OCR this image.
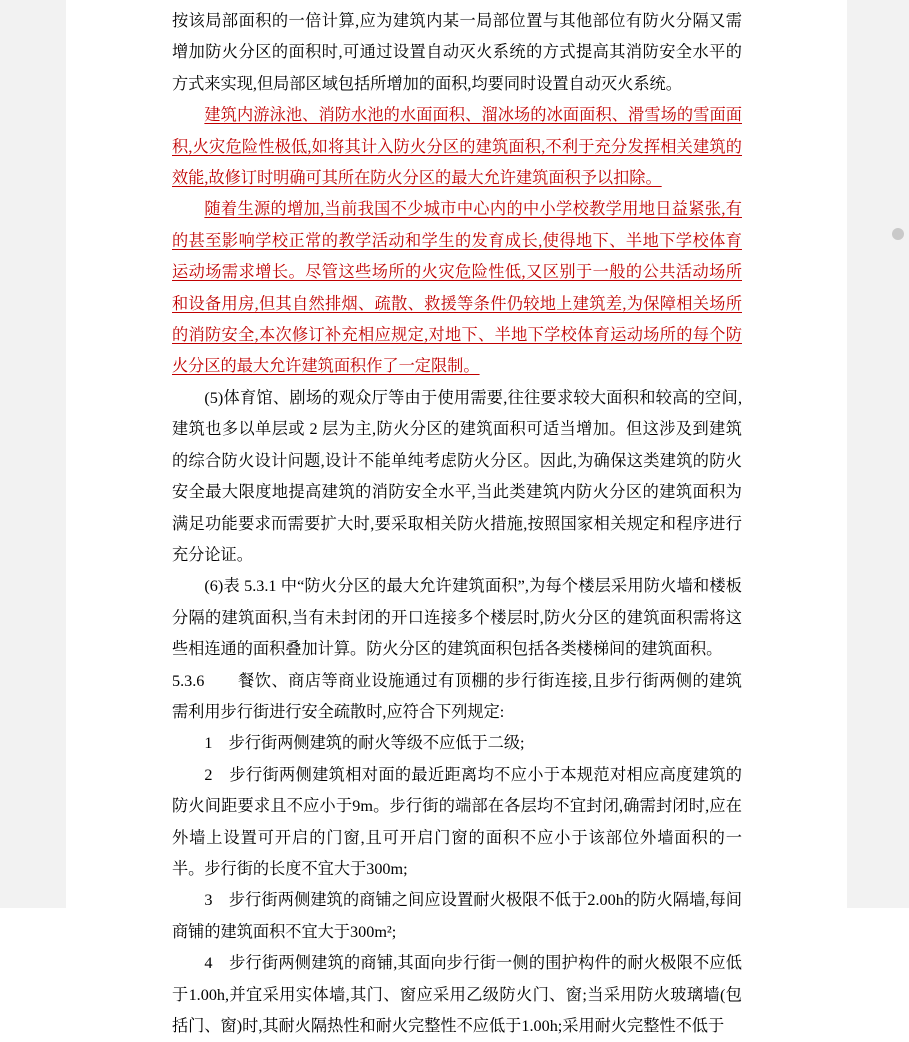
按该局部面积的一倍计算,应为建筑内某一局部位置与其他部位有防火分隔又需增加防火分区的面积时,可通过设置自动灭火系统的方式提高其消防安全水平的方式来实现,但局部区域包括所增加的面积,均要同时设置自动灭火系统。

建筑内游泳池、消防水池的水面面积、溜冰场的冰面面积、滑雪场的雪面面积,火灾危险性极低,如将其计入防火分区的建筑面积,不利于充分发挥相关建筑的效能,故修订时明确可其所在防火分区的最大允许建筑面积予以扣除。

随着生源的增加,当前我国不少城市中心内的中小学校教学用地日益紧张,有的甚至影响学校正常的教学活动和学生的发育成长,使得地下、半地下学校体育运动场需求增长。尽管这些场所的火灾危险性低,又区别于一般的公共活动场所和设备用房,但其自然排烟、疏散、救援等条件仍较地上建筑差,为保障相关场所的消防安全,本次修订补充相应规定,对地下、半地下学校体育运动场所的每个防火分区的最大允许建筑面积作了一定限制。

(5)体育馆、剧场的观众厅等由于使用需要,往往要求较大面积和较高的空间,建筑也多以单层或 2 层为主,防火分区的建筑面积可适当增加。但这涉及到建筑的综合防火设计问题,设计不能单纯考虑防火分区。因此,为确保这类建筑的防火安全最大限度地提高建筑的消防安全水平,当此类建筑内防火分区的建筑面积为满足功能要求而需要扩大时,要采取相关防火措施,按照国家相关规定和程序进行充分论证。

(6)表 5.3.1 中“防火分区的最大允许建筑面积”,为每个楼层采用防火墙和楼板分隔的建筑面积,当有未封闭的开口连接多个楼层时,防火分区的建筑面积需将这些相连通的面积叠加计算。防火分区的建筑面积包括各类楼梯间的建筑面积。

5.3.6　　餐饮、商店等商业设施通过有顶棚的步行街连接,且步行街两侧的建筑需利用步行街进行安全疏散时,应符合下列规定:

1　步行街两侧建筑的耐火等级不应低于二级;

2　步行街两侧建筑相对面的最近距离均不应小于本规范对相应高度建筑的防火间距要求且不应小于9m。步行街的端部在各层均不宜封闭,确需封闭时,应在外墙上设置可开启的门窗,且可开启门窗的面积不应小于该部位外墙面积的一半。步行街的长度不宜大于300m;

3　步行街两侧建筑的商铺之间应设置耐火极限不低于2.00h的防火隔墙,每间商铺的建筑面积不宜大于300m²;

4　步行街两侧建筑的商铺,其面向步行街一侧的围护构件的耐火极限不应低于1.00h,并宜采用实体墙,其门、窗应采用乙级防火门、窗;当采用防火玻璃墙(包括门、窗)时,其耐火隔热性和耐火完整性不应低于1.00h;采用耐火完整性不低于
